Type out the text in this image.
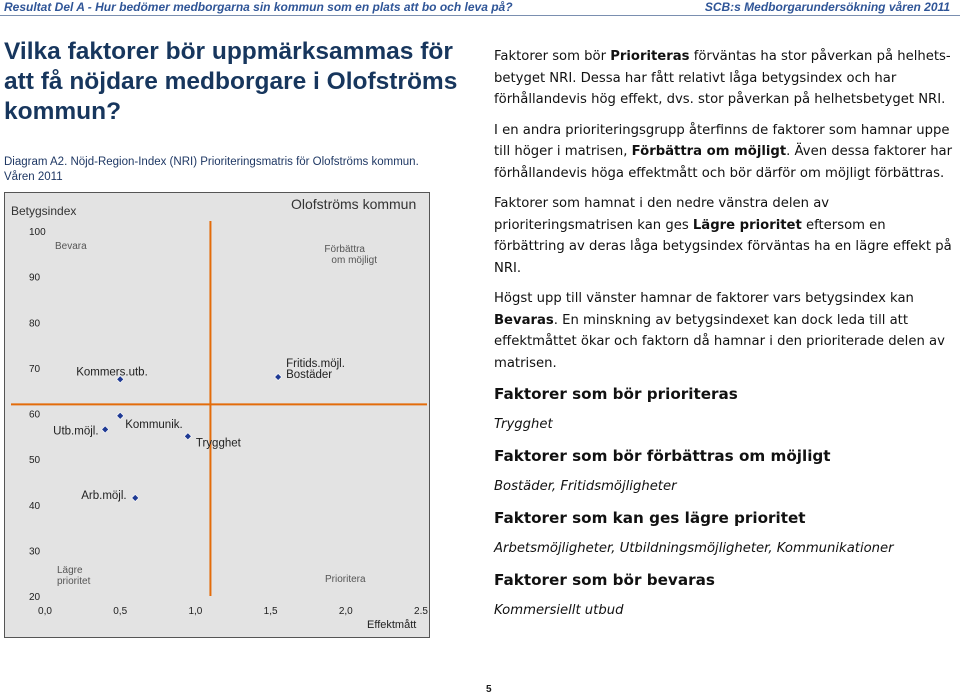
Resultat Del A - Hur bedömer medborgarna sin kommun som en plats att bo och leva på?	SCB:s Medborgarundersökning våren 2011
Vilka faktorer bör uppmärksammas för att få nöjdare medborgare i Olofströms kommun?
Diagram A2. Nöjd-Region-Index (NRI) Prioriteringsmatris för Olofströms kommun.
Våren 2011
20
30
40
50
60
70
80
90
100
0,0	0,5	1,0	1,5	2,0	2.5
Bevara	Förbättra
om möjligt
Lägre
prioritet	Prioritera
Kommers.utb.
Fritids.möjl.
Bostäder
Utb.möjl.
Kommunik.
Trygghet
Arb.möjl.
Olofströms kommun
Betygsindex
Effektmått

Faktorer som bör Prioriteras förväntas ha stor påverkan på helhets-betyget NRI. Dessa har fått relativt låga betygsindex och har förhållandevis hög effekt, dvs. stor påverkan på helhetsbetyget NRI.

I en andra prioriteringsgrupp återfinns de faktorer som hamnar uppe till höger i matrisen, Förbättra om möjligt. Även dessa faktorer har förhållandevis höga effektmått och bör därför om möjligt förbättras.

Faktorer som hamnat i den nedre vänstra delen av prioriteringsmatrisen kan ges Lägre prioritet eftersom en förbättring av deras låga betygsindex förväntas ha en lägre effekt på NRI.

Högst upp till vänster hamnar de faktorer vars betygsindex kan Bevaras. En minskning av betygsindexet kan dock leda till att effektmåttet ökar och faktorn då hamnar i den prioriterade delen av matrisen.

Faktorer som bör prioriteras
Trygghet
Faktorer som bör förbättras om möjligt
Bostäder, Fritidsmöjligheter
Faktorer som kan ges lägre prioritet
Arbetsmöjligheter, Utbildningsmöjligheter, Kommunikationer
Faktorer som bör bevaras
Kommersiellt utbud
5
